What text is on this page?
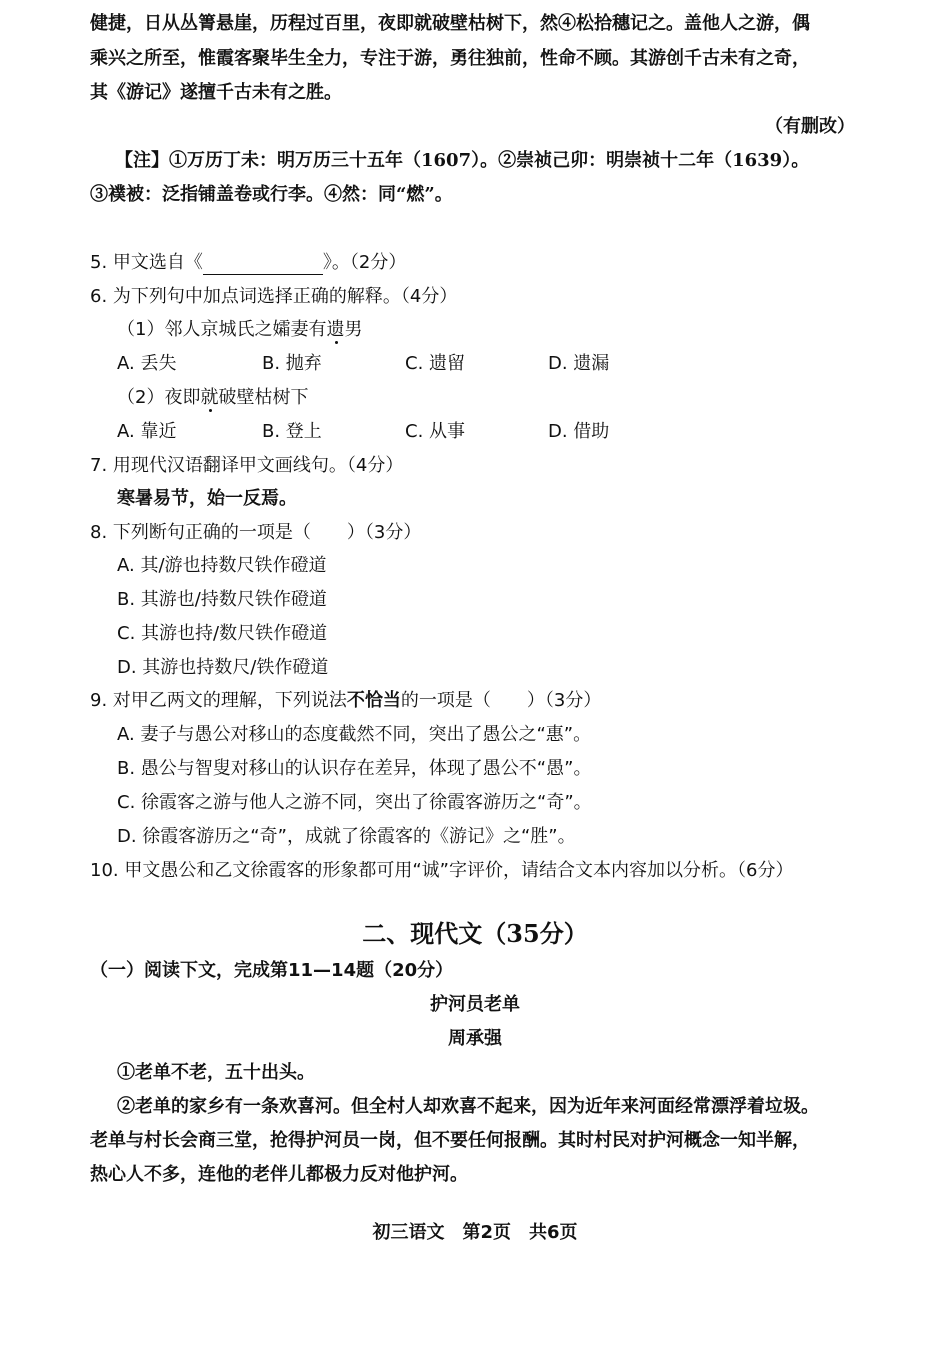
健捷，日从丛箐悬崖，历程过百里，夜即就破壁枯树下，然④松拾穗记之。盖他人之游，偶
乘兴之所至，惟霞客聚毕生全力，专注于游，勇往独前，性命不顾。其游创千古未有之奇，
其《游记》遂擅千古未有之胜。
（有删改）
【注】①万历丁未：明万历三十五年（1607）。②崇祯己卯：明崇祯十二年（1639）。
③襆被：泛指铺盖卷或行李。④然：同“燃”。
5. 甲文选自《	》。（2分）
6. 为下列句中加点词选择正确的解释。（4分）
（1）邻人京城氏之孀妻有遗男
A. 丢失	B. 抛弃	C. 遗留	D. 遗漏
（2）夜即就破壁枯树下
A. 靠近	B. 登上	C. 从事	D. 借助
7. 用现代汉语翻译甲文画线句。（4分）
寒暑易节，始一反焉。
8. 下列断句正确的一项是（　　）（3分）
A. 其/游也持数尺铁作磴道
B. 其游也/持数尺铁作磴道
C. 其游也持/数尺铁作磴道
D. 其游也持数尺/铁作磴道
9. 对甲乙两文的理解，下列说法不恰当的一项是（　　）（3分）
A. 妻子与愚公对移山的态度截然不同，突出了愚公之“惠”。
B. 愚公与智叟对移山的认识存在差异，体现了愚公不“愚”。
C. 徐霞客之游与他人之游不同，突出了徐霞客游历之“奇”。
D. 徐霞客游历之“奇”，成就了徐霞客的《游记》之“胜”。
10. 甲文愚公和乙文徐霞客的形象都可用“诚”字评价，请结合文本内容加以分析。（6分）
二、现代文（35分）
（一）阅读下文，完成第11—14题（20分）
护河员老单
周承强
①老单不老，五十出头。
②老单的家乡有一条欢喜河。但全村人却欢喜不起来，因为近年来河面经常漂浮着垃圾。
老单与村长会商三堂，抢得护河员一岗，但不要任何报酬。其时村民对护河概念一知半解，
热心人不多，连他的老伴儿都极力反对他护河。
初三语文　第2页　共6页
